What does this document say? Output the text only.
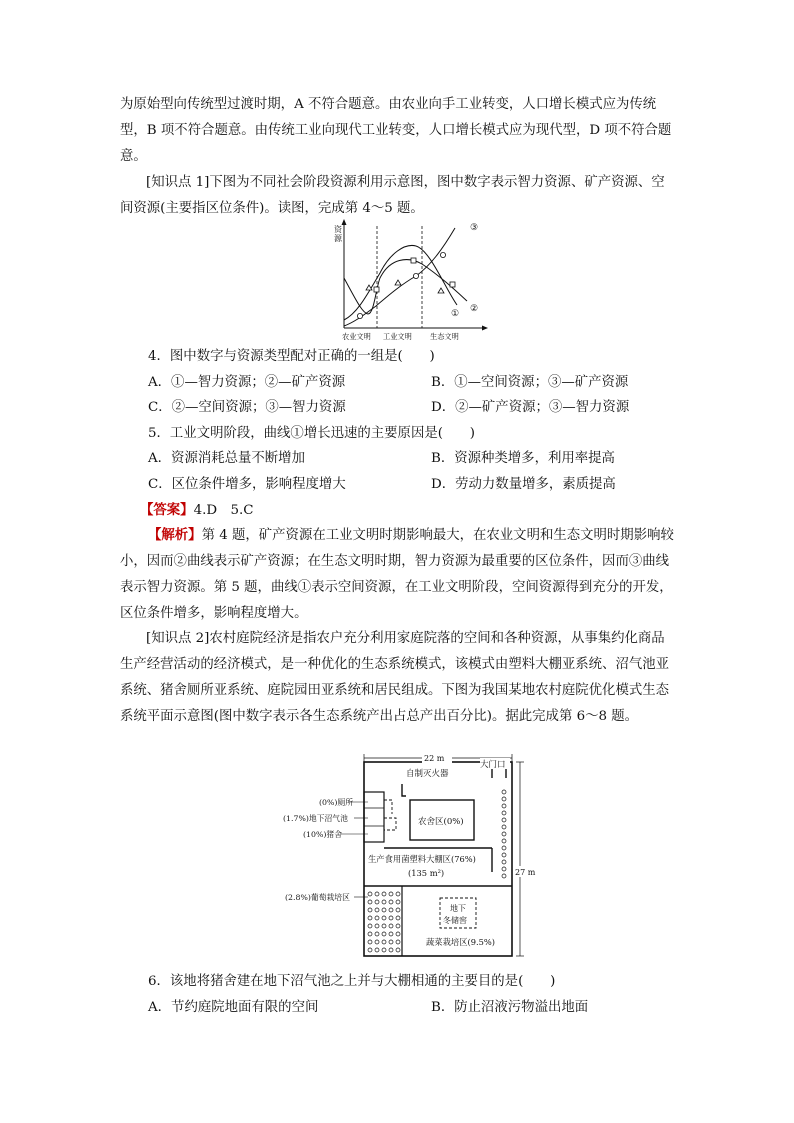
为原始型向传统型过渡时期，A 不符合题意。由农业向手工业转变，人口增长模式应为传统型，B 项不符合题意。由传统工业向现代工业转变，人口增长模式应为现代型，D 项不符合题意。

[知识点 1]下图为不同社会阶段资源利用示意图，图中数字表示智力资源、矿产资源、空间资源(主要指区位条件)。读图，完成第 4～5 题。

资
源
③
②
①
农业文明 工业文明	生态文明
4．图中数字与资源类型配对正确的一组是(　　)
A．①—智力资源；②—矿产资源	B．①—空间资源；③—矿产资源
C．②—空间资源；③—智力资源	D．②—矿产资源；③—智力资源
5．工业文明阶段，曲线①增长迅速的主要原因是(　　)
A．资源消耗总量不断增加	B．资源种类增多，利用率提高
C．区位条件增多，影响程度增大	D．劳动力数量增多，素质提高
【答案】4.D　5.C

【解析】第 4 题，矿产资源在工业文明时期影响最大，在农业文明和生态文明时期影响较小，因而②曲线表示矿产资源；在生态文明时期，智力资源为最重要的区位条件，因而③曲线表示智力资源。第 5 题，曲线①表示空间资源，在工业文明阶段，空间资源得到充分的开发，区位条件增多，影响程度增大。

[知识点 2]农村庭院经济是指农户充分利用家庭院落的空间和各种资源，从事集约化商品生产经营活动的经济模式，是一种优化的生态系统模式，该模式由塑料大棚亚系统、沼气池亚系统、猪舍厕所亚系统、庭院园田亚系统和居民组成。下图为我国某地农村庭院优化模式生态系统平面示意图(图中数字表示各生态系统产出占总产出百分比)。据此完成第 6～8 题。

22 m
27 m
大门口
自制灭火器
(0%)厕所
(1.7%)地下沼气池
(10%)猪舍
农舍区(0%)
生产食用菌塑料大棚区(76%)
(135 m²)
(2.8%)葡萄栽培区
地下
冬储窖
蔬菜栽培区(9.5%)
6．该地将猪舍建在地下沼气池之上并与大棚相通的主要目的是(　　)
A．节约庭院地面有限的空间	B．防止沼液污物溢出地面
